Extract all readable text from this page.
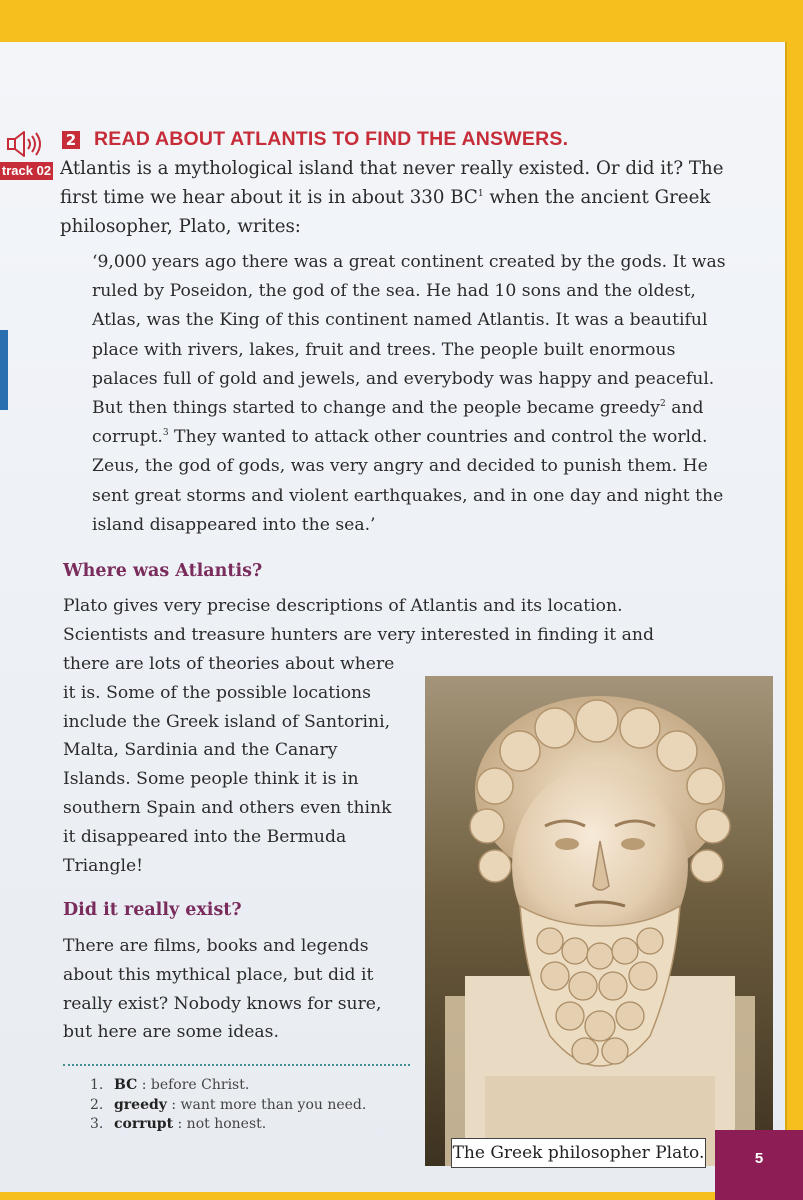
2 READ ABOUT ATLANTIS TO FIND THE ANSWERS.
track 02 Atlantis is a mythological island that never really existed. Or did it? The
first time we hear about it is in about 330 $BC^1$ when the ancient Greek
philosopher, Plato, writes:
‘9,000 years ago there was a great continent created by the gods. It was
ruled by Poseidon, the god of the sea. He had 10 sons and the oldest,
Atlas, was the King of this continent named Atlantis. It was a beautiful
place with rivers, lakes, fruit and trees. The people built enormous
palaces full of gold and jewels, and everybody was happy and peaceful.
But then things started to change and the people became greedy$^2$ and
corrupt.$^3$ They wanted to attack other countries and control the world.
Zeus, the god of gods, was very angry and decided to punish them. He
sent great storms and violent earthquakes, and in one day and night the
island disappeared into the sea.’
Where was Atlantis?
Plato gives very precise descriptions of Atlantis and its location.
Scientists and treasure hunters are very interested in finding it and
there are lots of theories about where
it is. Some of the possible locations
include the Greek island of Santorini,
Malta, Sardinia and the Canary
Islands. Some people think it is in
southern Spain and others even think
it disappeared into the Bermuda
Triangle!
Did it really exist?
There are films, books and legends
about this mythical place, but did it
really exist? Nobody knows for sure,
but here are some ideas.
1. BC : before Christ.
2. greedy : want more than you need.
3. corrupt : not honest.
The Greek philosopher Plato.	5
